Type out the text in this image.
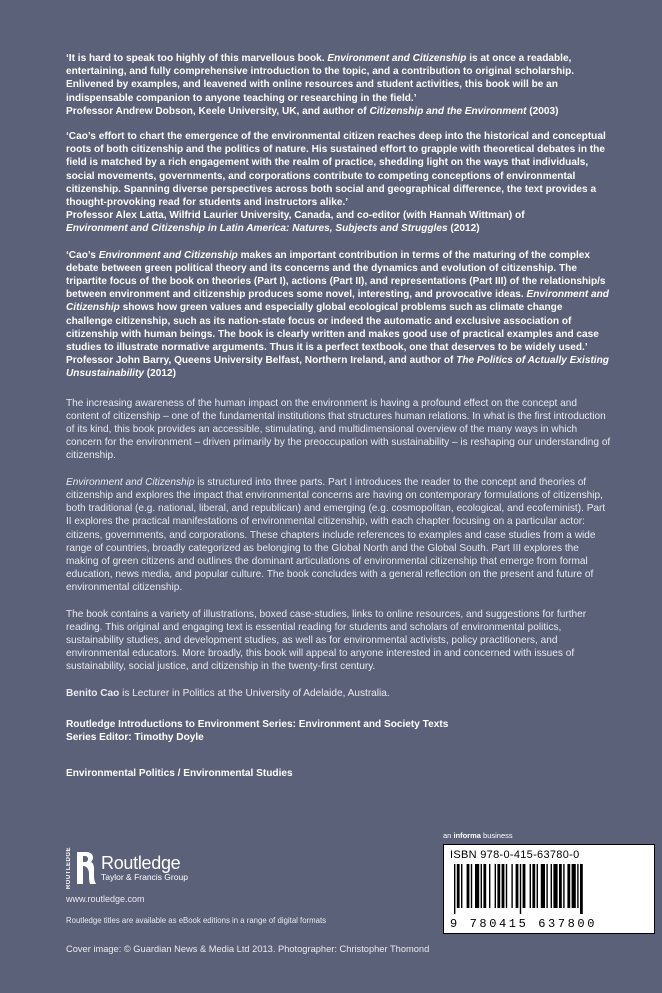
‘It is hard to speak too highly of this marvellous book. Environment and Citizenship is at once a readable, entertaining, and fully comprehensive introduction to the topic, and a contribution to original scholarship. Enlivened by examples, and leavened with online resources and student activities, this book will be an indispensable companion to anyone teaching or researching in the field.’
Professor Andrew Dobson, Keele University, UK, and author of Citizenship and the Environment (2003)

‘Cao’s effort to chart the emergence of the environmental citizen reaches deep into the historical and conceptual roots of both citizenship and the politics of nature. His sustained effort to grapple with theoretical debates in the field is matched by a rich engagement with the realm of practice, shedding light on the ways that individuals, social movements, governments, and corporations contribute to competing conceptions of environmental citizenship. Spanning diverse perspectives across both social and geographical difference, the text provides a thought-provoking read for students and instructors alike.’
Professor Alex Latta, Wilfrid Laurier University, Canada, and co-editor (with Hannah Wittman) of
Environment and Citizenship in Latin America: Natures, Subjects and Struggles (2012)

‘Cao’s Environment and Citizenship makes an important contribution in terms of the maturing of the complex debate between green political theory and its concerns and the dynamics and evolution of citizenship. The tripartite focus of the book on theories (Part I), actions (Part II), and representations (Part III) of the relationship/s between environment and citizenship produces some novel, interesting, and provocative ideas. Environment and Citizenship shows how green values and especially global ecological problems such as climate change challenge citizenship, such as its nation-state focus or indeed the automatic and exclusive association of citizenship with human beings. The book is clearly written and makes good use of practical examples and case studies to illustrate normative arguments. Thus it is a perfect textbook, one that deserves to be widely used.’
Professor John Barry, Queens University Belfast, Northern Ireland, and author of The Politics of Actually Existing Unsustainability (2012)

The increasing awareness of the human impact on the environment is having a profound effect on the concept and content of citizenship – one of the fundamental institutions that structures human relations. In what is the first introduction of its kind, this book provides an accessible, stimulating, and multidimensional overview of the many ways in which concern for the environment – driven primarily by the preoccupation with sustainability – is reshaping our understanding of citizenship.

Environment and Citizenship is structured into three parts. Part I introduces the reader to the concept and theories of citizenship and explores the impact that environmental concerns are having on contemporary formulations of citizenship, both traditional (e.g. national, liberal, and republican) and emerging (e.g. cosmopolitan, ecological, and ecofeminist). Part II explores the practical manifestations of environmental citizenship, with each chapter focusing on a particular actor: citizens, governments, and corporations. These chapters include references to examples and case studies from a wide range of countries, broadly categorized as belonging to the Global North and the Global South. Part III explores the making of green citizens and outlines the dominant articulations of environmental citizenship that emerge from formal education, news media, and popular culture. The book concludes with a general reflection on the present and future of environmental citizenship.

The book contains a variety of illustrations, boxed case-studies, links to online resources, and suggestions for further reading. This original and engaging text is essential reading for students and scholars of environmental politics, sustainability studies, and development studies, as well as for environmental activists, policy practitioners, and environmental educators. More broadly, this book will appeal to anyone interested in and concerned with issues of sustainability, social justice, and citizenship in the twenty-first century.

Benito Cao is Lecturer in Politics at the University of Adelaide, Australia.

Routledge Introductions to Environment Series: Environment and Society Texts
Series Editor: Timothy Doyle
Environmental Politics / Environmental Studies
ROUTLEDGE Routledge
Taylor & Francis Group
www.routledge.com
Routledge titles are available as eBook editions in a range of digital formats
an informa business
ISBN 978-0-415-63780-0
9 780415 637800
Cover image: © Guardian News & Media Ltd 2013. Photographer: Christopher Thomond
